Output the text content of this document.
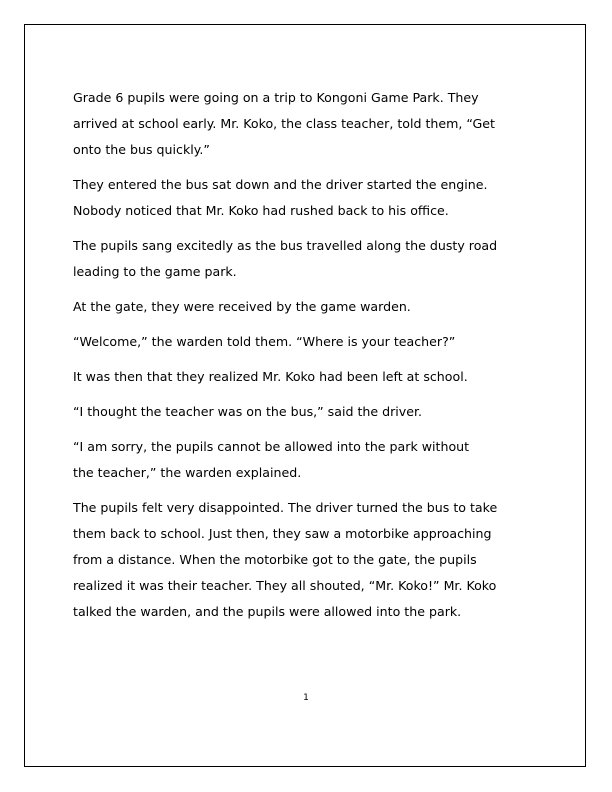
Grade 6 pupils were going on a trip to Kongoni Game Park. They
arrived at school early. Mr. Koko, the class teacher, told them, “Get
onto the bus quickly.”

They entered the bus sat down and the driver started the engine.
Nobody noticed that Mr. Koko had rushed back to his office.

The pupils sang excitedly as the bus travelled along the dusty road
leading to the game park.

At the gate, they were received by the game warden.

“Welcome,” the warden told them. “Where is your teacher?”

It was then that they realized Mr. Koko had been left at school.

“I thought the teacher was on the bus,” said the driver.

“I am sorry, the pupils cannot be allowed into the park without
the teacher,” the warden explained.

The pupils felt very disappointed. The driver turned the bus to take
them back to school. Just then, they saw a motorbike approaching
from a distance. When the motorbike got to the gate, the pupils
realized it was their teacher. They all shouted, “Mr. Koko!” Mr. Koko
talked the warden, and the pupils were allowed into the park.

1
